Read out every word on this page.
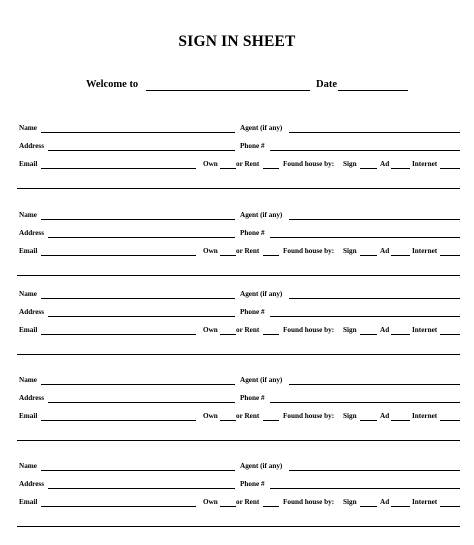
SIGN IN SHEET
Welcome to	Date
Name	Agent (if any)
Address	Phone #
Email	Own	or Rent	Found house by: Sign	Ad	Internet
Name	Agent (if any)
Address	Phone #
Email	Own	or Rent	Found house by: Sign	Ad	Internet
Name	Agent (if any)
Address	Phone #
Email	Own	or Rent	Found house by: Sign	Ad	Internet
Name	Agent (if any)
Address	Phone #
Email	Own	or Rent	Found house by: Sign	Ad	Internet
Name	Agent (if any)
Address	Phone #
Email	Own	or Rent	Found house by: Sign	Ad	Internet
